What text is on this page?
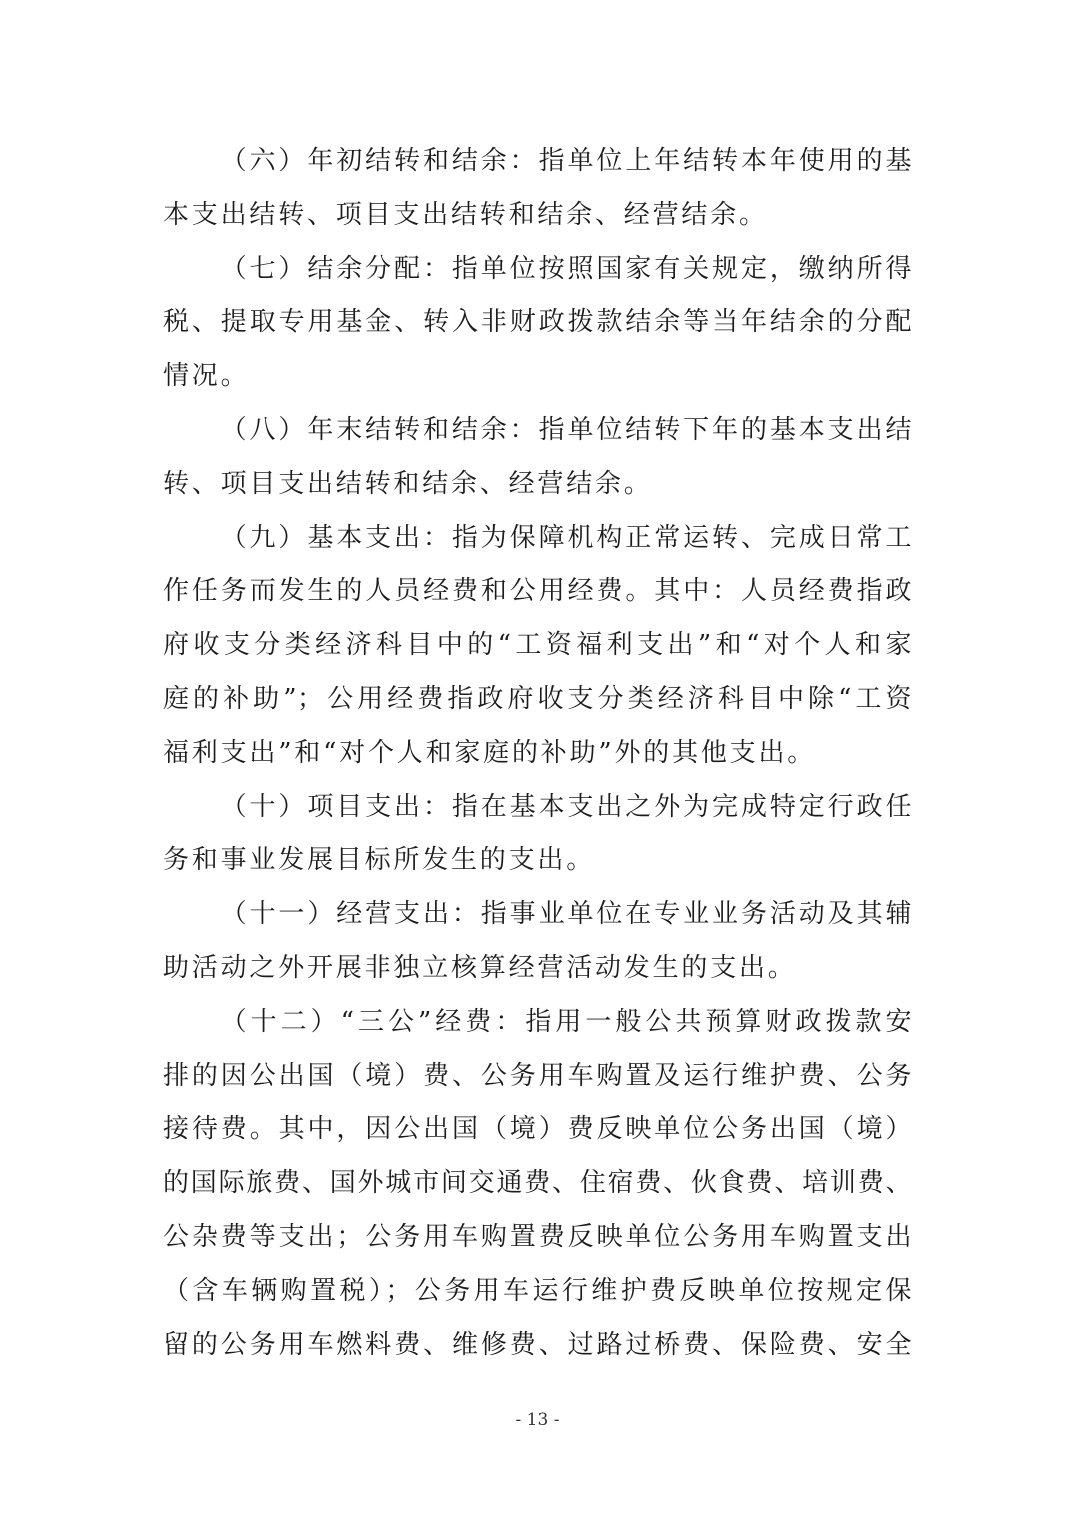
（六）年初结转和结余：指单位上年结转本年使用的基
本支出结转、项目支出结转和结余、经营结余。

（七）结余分配：指单位按照国家有关规定，缴纳所得
税、提取专用基金、转入非财政拨款结余等当年结余的分配
情况。

（八）年末结转和结余：指单位结转下年的基本支出结
转、项目支出结转和结余、经营结余。

（九）基本支出：指为保障机构正常运转、完成日常工
作任务而发生的人员经费和公用经费。其中：人员经费指政
府收支分类经济科目中的“工资福利支出”和“对个人和家
庭的补助”；公用经费指政府收支分类经济科目中除“工资
福利支出”和“对个人和家庭的补助”外的其他支出。

（十）项目支出：指在基本支出之外为完成特定行政任
务和事业发展目标所发生的支出。

（十一）经营支出：指事业单位在专业业务活动及其辅
助活动之外开展非独立核算经营活动发生的支出。

（十二）“三公”经费：指用一般公共预算财政拨款安
排的因公出国（境）费、公务用车购置及运行维护费、公务
接待费。其中，因公出国（境）费反映单位公务出国（境）
的国际旅费、国外城市间交通费、住宿费、伙食费、培训费、
公杂费等支出；公务用车购置费反映单位公务用车购置支出
（含车辆购置税）；公务用车运行维护费反映单位按规定保
留的公务用车燃料费、维修费、过路过桥费、保险费、安全

- 13 -
